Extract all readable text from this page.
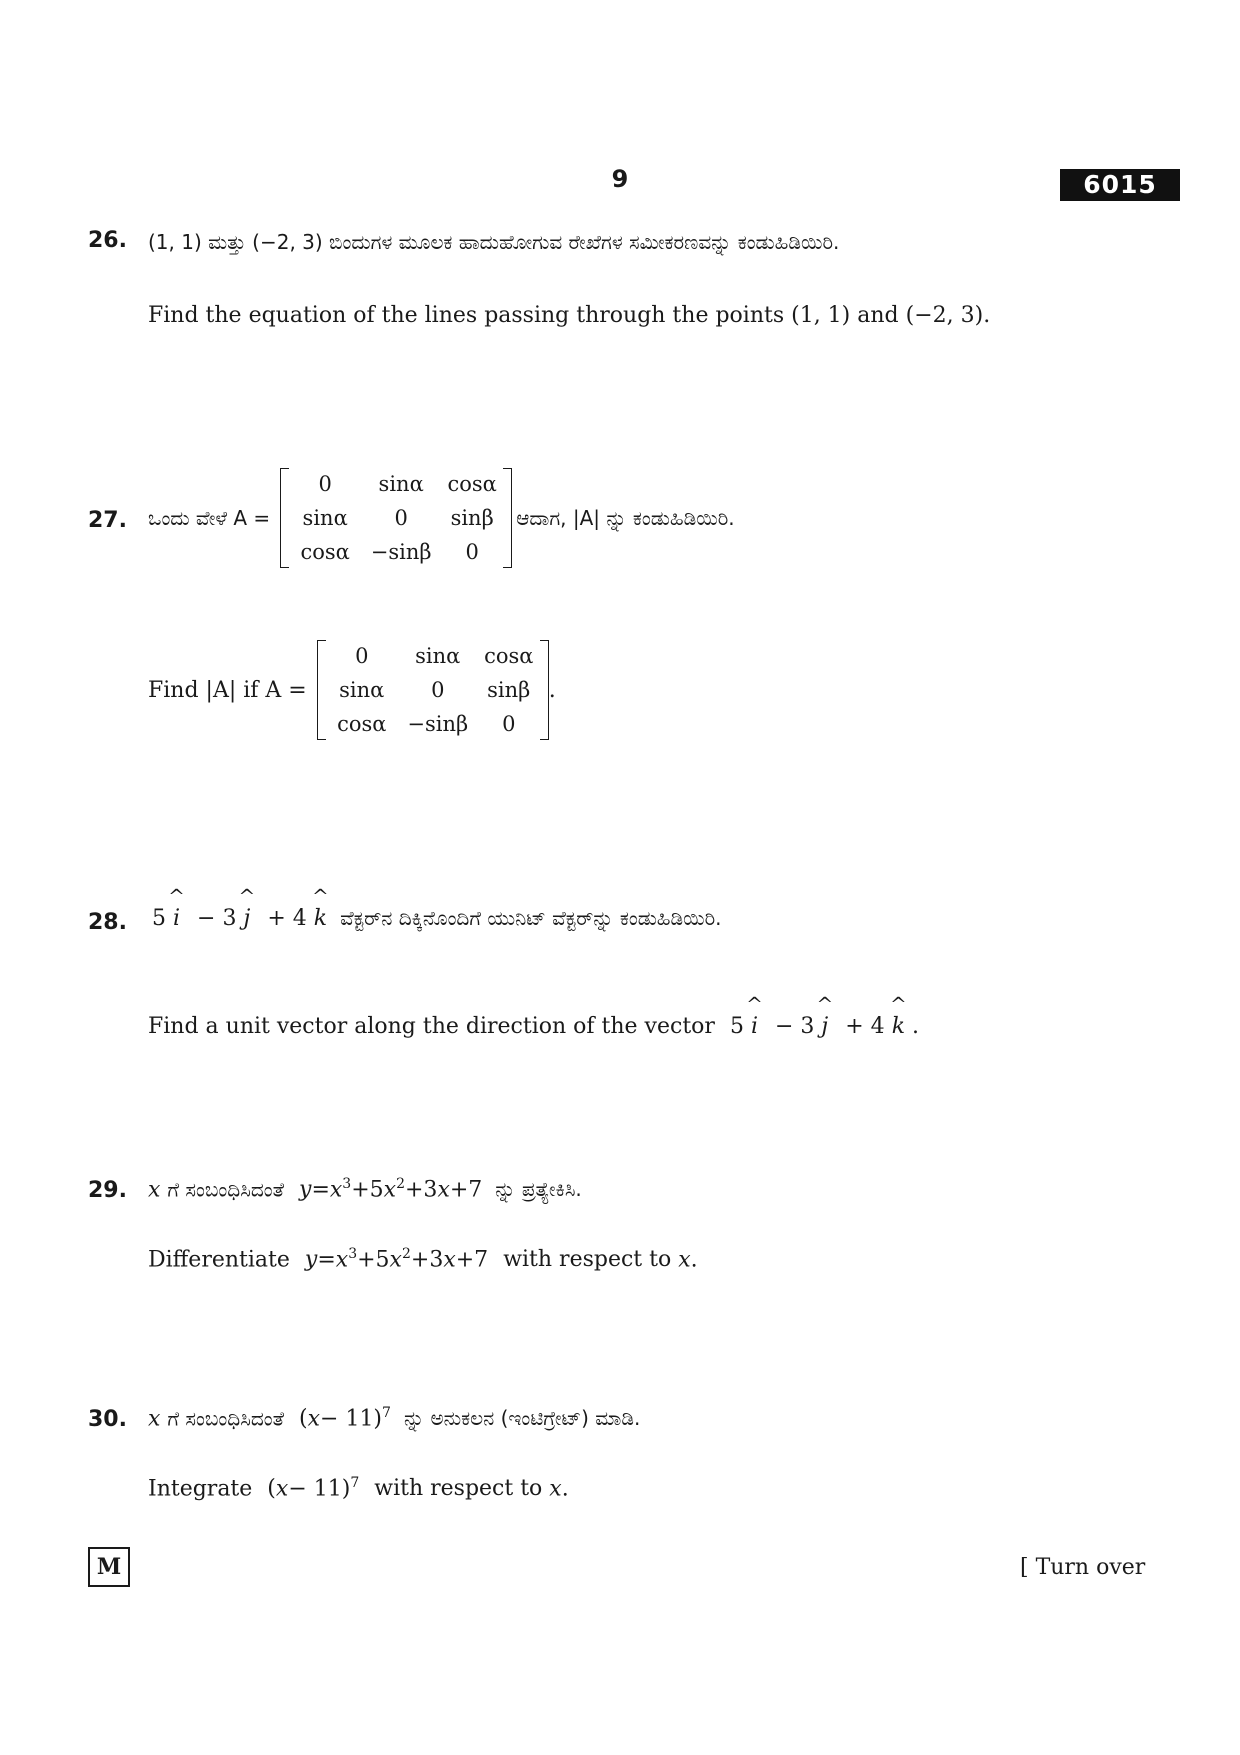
9	6015
26. (1, 1) ಮತ್ತು (−2, 3) ಬಿಂದುಗಳ ಮೂಲಕ ಹಾದುಹೋಗುವ ರೇಖೆಗಳ ಸಮೀಕರಣವನ್ನು ಕಂಡುಹಿಡಿಯಿರಿ.
Find the equation of the lines passing through the points (1, 1) and (−2, 3).
27. ಒಂದು ವೇಳೆ A =
0	sinα	cosα
sinα	0	sinβ
cosα −sinβ	0
ಆದಾಗ, |A| ನ್ನು ಕಂಡುಹಿಡಿಯಿರಿ.
Find |A| if A =
0	sinα	cosα
sinα	0	sinβ
cosα −sinβ	0
.
28. 5 ^ i − 3 ^ j + 4 ^ k ವೆಕ್ಟರ್‌ನ ದಿಕ್ಕಿನೊಂದಿಗೆ ಯುನಿಟ್ ವೆಕ್ಟರ್‌ನ್ನು ಕಂಡುಹಿಡಿಯಿರಿ.
Find a unit vector along the direction of the vector 5 ^ i − 3 ^ j + 4 ^ k .
29. x ಗೆ ಸಂಬಂಧಿಸಿದಂತೆ $y=x^3+5x^2+3x+7$ ನ್ನು ಪ್ರತ್ಯೇಕಿಸಿ.
Differentiate $y=x^3+5x^2+3x+7$ with respect to x.
30. x ಗೆ ಸಂಬಂಧಿಸಿದಂತೆ $(x- 11)^7$ ನ್ನು ಅನುಕಲನ (ಇಂಟಿಗ್ರೇಟ್) ಮಾಡಿ.
Integrate $(x- 11)^7$ with respect to x.
M	[ Turn over
